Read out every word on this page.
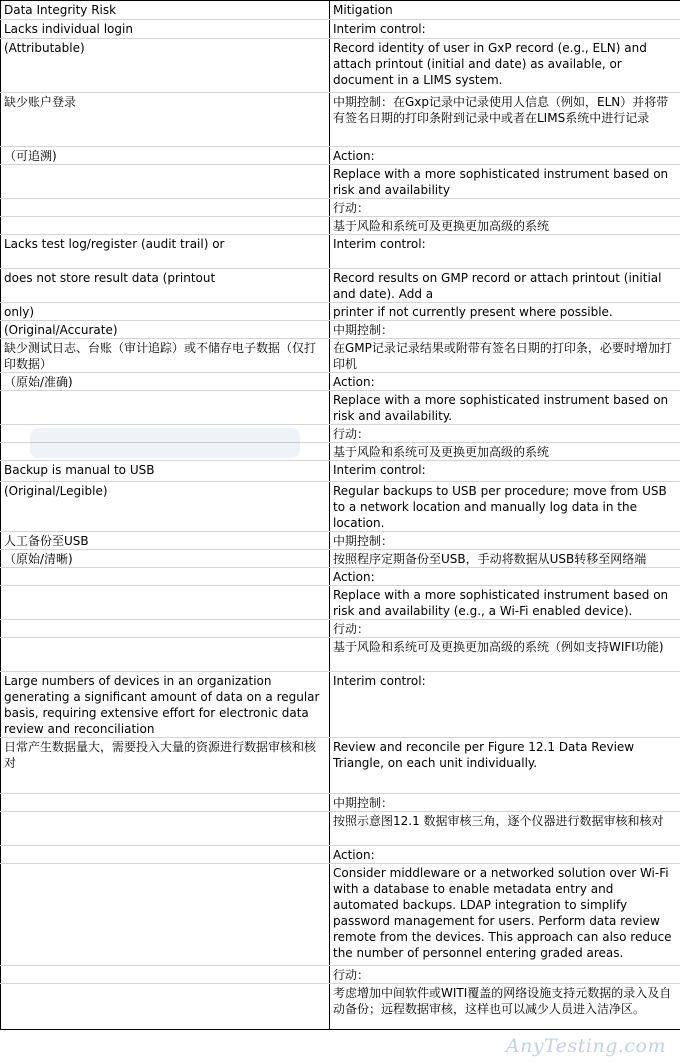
Data Integrity Risk	Mitigation
Lacks individual login	Interim control:
(Attributable)	Record identity of user in GxP record (e.g., ELN) and attach printout (initial and date) as available, or document in a LIMS system.
缺少账户登录	中期控制：在Gxp记录中记录使用人信息（例如，ELN）并将带有签名日期的打印条附到记录中或者在LIMS系统中进行记录
（可追溯)	Action:
	Replace with a more sophisticated instrument based on risk and availability
	行动：
	基于风险和系统可及更换更加高级的系统
Lacks test log/register (audit trail) or	Interim control:
does not store result data (printout	Record results on GMP record or attach printout (initial and date). Add a
only)	printer if not currently present where possible.
(Original/Accurate)	中期控制：
缺少测试日志、台账（审计追踪）或不储存电子数据（仅打印数据）	在GMP记录记录结果或附带有签名日期的打印条，必要时增加打印机
（原始/准确)	Action:
	Replace with a more sophisticated instrument based on risk and availability.
	行动：
	基于风险和系统可及更换更加高级的系统
Backup is manual to USB	Interim control:
(Original/Legible)	Regular backups to USB per procedure; move from USB to a network location and manually log data in the location.
人工备份至USB	中期控制：
（原始/清晰)	按照程序定期备份至USB，手动将数据从USB转移至网络端
	Action:
	Replace with a more sophisticated instrument based on risk and availability (e.g., a Wi-Fi enabled device).
	行动：
	基于风险和系统可及更换更加高级的系统（例如支持WIFI功能)
Large numbers of devices in an organization generating a significant amount of data on a regular basis, requiring extensive effort for electronic data review and reconciliation	Interim control:
日常产生数据量大，需要投入大量的资源进行数据审核和核对	Review and reconcile per Figure 12.1 Data Review Triangle, on each unit individually.
	中期控制：
	按照示意图12.1 数据审核三角，逐个仪器进行数据审核和核对
	Action:
	Consider middleware or a networked solution over Wi-Fi with a database to enable metadata entry and automated backups. LDAP integration to simplify password management for users. Perform data review remote from the devices. This approach can also reduce the number of personnel entering graded areas.
	行动：
	考虑增加中间软件或WITI覆盖的网络设施支持元数据的录入及自动备份；远程数据审核，这样也可以减少人员进入洁净区。
AnyTesting.com
